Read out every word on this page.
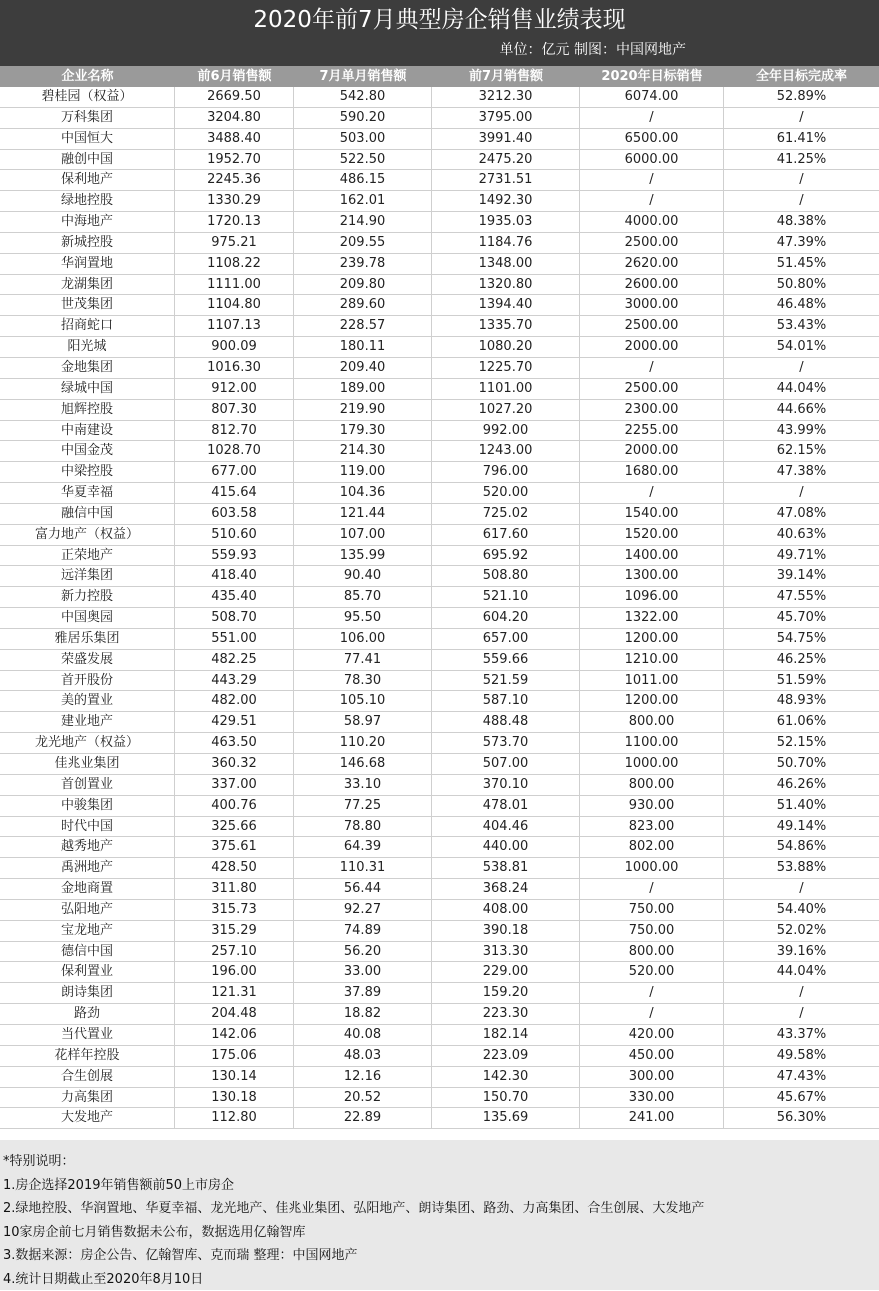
2020年前7月典型房企销售业绩表现
单位：亿元 制图：中国网地产
企业名称	前6月销售额	7月单月销售额	前7月销售额	2020年目标销售	全年目标完成率
碧桂园（权益）	2669.50	542.80	3212.30	6074.00	52.89%
万科集团	3204.80	590.20	3795.00	/	/
中国恒大	3488.40	503.00	3991.40	6500.00	61.41%
融创中国	1952.70	522.50	2475.20	6000.00	41.25%
保利地产	2245.36	486.15	2731.51	/	/
绿地控股	1330.29	162.01	1492.30	/	/
中海地产	1720.13	214.90	1935.03	4000.00	48.38%
新城控股	975.21	209.55	1184.76	2500.00	47.39%
华润置地	1108.22	239.78	1348.00	2620.00	51.45%
龙湖集团	1111.00	209.80	1320.80	2600.00	50.80%
世茂集团	1104.80	289.60	1394.40	3000.00	46.48%
招商蛇口	1107.13	228.57	1335.70	2500.00	53.43%
阳光城	900.09	180.11	1080.20	2000.00	54.01%
金地集团	1016.30	209.40	1225.70	/	/
绿城中国	912.00	189.00	1101.00	2500.00	44.04%
旭辉控股	807.30	219.90	1027.20	2300.00	44.66%
中南建设	812.70	179.30	992.00	2255.00	43.99%
中国金茂	1028.70	214.30	1243.00	2000.00	62.15%
中梁控股	677.00	119.00	796.00	1680.00	47.38%
华夏幸福	415.64	104.36	520.00	/	/
融信中国	603.58	121.44	725.02	1540.00	47.08%
富力地产（权益）	510.60	107.00	617.60	1520.00	40.63%
正荣地产	559.93	135.99	695.92	1400.00	49.71%
远洋集团	418.40	90.40	508.80	1300.00	39.14%
新力控股	435.40	85.70	521.10	1096.00	47.55%
中国奥园	508.70	95.50	604.20	1322.00	45.70%
雅居乐集团	551.00	106.00	657.00	1200.00	54.75%
荣盛发展	482.25	77.41	559.66	1210.00	46.25%
首开股份	443.29	78.30	521.59	1011.00	51.59%
美的置业	482.00	105.10	587.10	1200.00	48.93%
建业地产	429.51	58.97	488.48	800.00	61.06%
龙光地产（权益）	463.50	110.20	573.70	1100.00	52.15%
佳兆业集团	360.32	146.68	507.00	1000.00	50.70%
首创置业	337.00	33.10	370.10	800.00	46.26%
中骏集团	400.76	77.25	478.01	930.00	51.40%
时代中国	325.66	78.80	404.46	823.00	49.14%
越秀地产	375.61	64.39	440.00	802.00	54.86%
禹洲地产	428.50	110.31	538.81	1000.00	53.88%
金地商置	311.80	56.44	368.24	/	/
弘阳地产	315.73	92.27	408.00	750.00	54.40%
宝龙地产	315.29	74.89	390.18	750.00	52.02%
德信中国	257.10	56.20	313.30	800.00	39.16%
保利置业	196.00	33.00	229.00	520.00	44.04%
朗诗集团	121.31	37.89	159.20	/	/
路劲	204.48	18.82	223.30	/	/
当代置业	142.06	40.08	182.14	420.00	43.37%
花样年控股	175.06	48.03	223.09	450.00	49.58%
合生创展	130.14	12.16	142.30	300.00	47.43%
力高集团	130.18	20.52	150.70	330.00	45.67%
大发地产	112.80	22.89	135.69	241.00	56.30%
*特别说明：
1.房企选择2019年销售额前50上市房企
2.绿地控股、华润置地、华夏幸福、龙光地产、佳兆业集团、弘阳地产、朗诗集团、路劲、力高集团、合生创展、大发地产
10家房企前七月销售数据未公布，数据选用亿翰智库
3.数据来源：房企公告、亿翰智库、克而瑞 整理：中国网地产
4.统计日期截止至2020年8月10日
